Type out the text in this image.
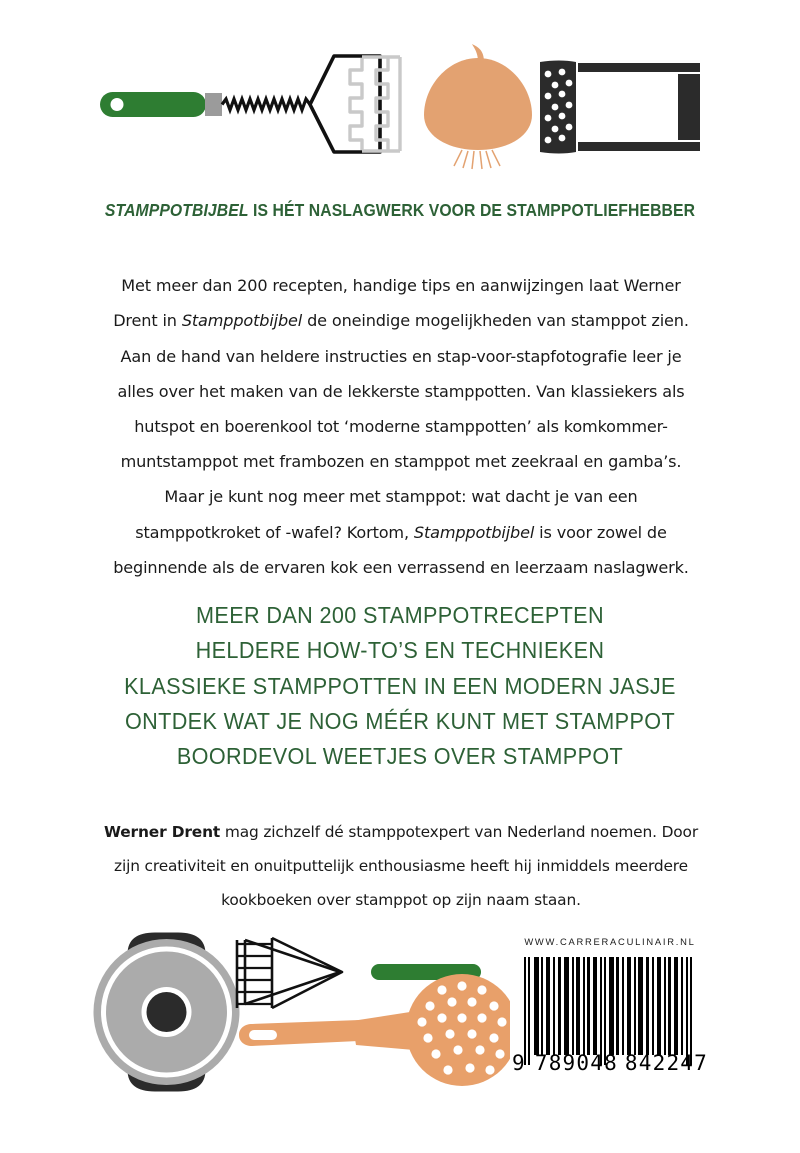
STAMPPOTBIJBEL IS HÉT NASLAGWERK VOOR DE STAMPPOTLIEFHEBBER

Met meer dan 200 recepten, handige tips en aanwijzingen laat Werner Drent in Stamppotbijbel de oneindige mogelijkheden van stamppot zien. Aan de hand van heldere instructies en stap-voor-stapfotografie leer je alles over het maken van de lekkerste stamppotten. Van klassiekers als hutspot en boerenkool tot ‘moderne stamppotten’ als komkommer-muntstamppot met frambozen en stamppot met zeekraal en gamba’s. Maar je kunt nog meer met stamppot: wat dacht je van een stamppotkroket of -wafel? Kortom, Stamppotbijbel is voor zowel de beginnende als de ervaren kok een verrassend en leerzaam naslagwerk.

MEER DAN 200 STAMPPOTRECEPTEN
HELDERE HOW-TO’S EN TECHNIEKEN
KLASSIEKE STAMPPOTTEN IN EEN MODERN JASJE
ONTDEK WAT JE NOG MÉÉR KUNT MET STAMPPOT
BOORDEVOL WEETJES OVER STAMPPOT

Werner Drent mag zichzelf dé stamppotexpert van Nederland noemen. Door zijn creativiteit en onuitputtelijk enthousiasme heeft hij inmiddels meerdere kookboeken over stamppot op zijn naam staan.

WWW.CARRERACULINAIR.NL
9 789048 842247
